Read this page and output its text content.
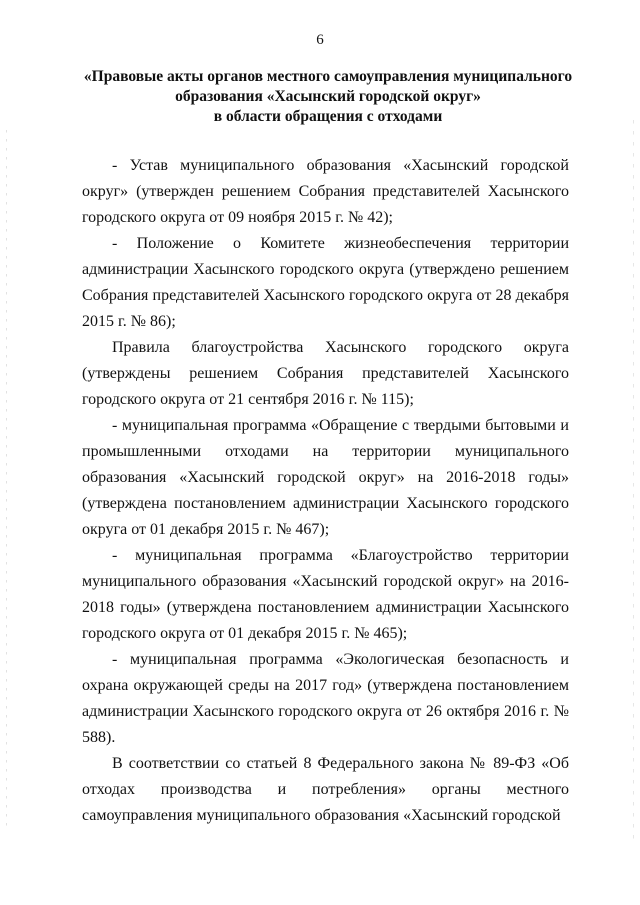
6
«Правовые акты органов местного самоуправления муниципального
образования «Хасынский городской округ»
в области обращения с отходами

- Устав муниципального образования «Хасынский городской округ» (утвержден решением Собрания представителей Хасынского городского округа от 09 ноября 2015 г. № 42);

- Положение о Комитете жизнеобеспечения территории администрации Хасынского городского округа (утверждено решением Собрания представителей Хасынского городского округа от 28 декабря 2015 г. № 86);

Правила благоустройства Хасынского городского округа (утверждены решением Собрания представителей Хасынского городского округа от 21 сентября 2016 г. № 115);

- муниципальная программа «Обращение с твердыми бытовыми и промышленными отходами на территории муниципального образования «Хасынский городской округ» на 2016-2018 годы» (утверждена постановлением администрации Хасынского городского округа от 01 декабря 2015 г. № 467);

- муниципальная программа «Благоустройство территории муниципального образования «Хасынский городской округ» на 2016-2018 годы» (утверждена постановлением администрации Хасынского городского округа от 01 декабря 2015 г. № 465);

- муниципальная программа «Экологическая безопасность и охрана окружающей среды на 2017 год» (утверждена постановлением администрации Хасынского городского округа от 26 октября 2016 г. № 588).

В соответствии со статьей 8 Федерального закона № 89-ФЗ «Об отходах производства и потребления» органы местного самоуправления муниципального образования «Хасынский городской
